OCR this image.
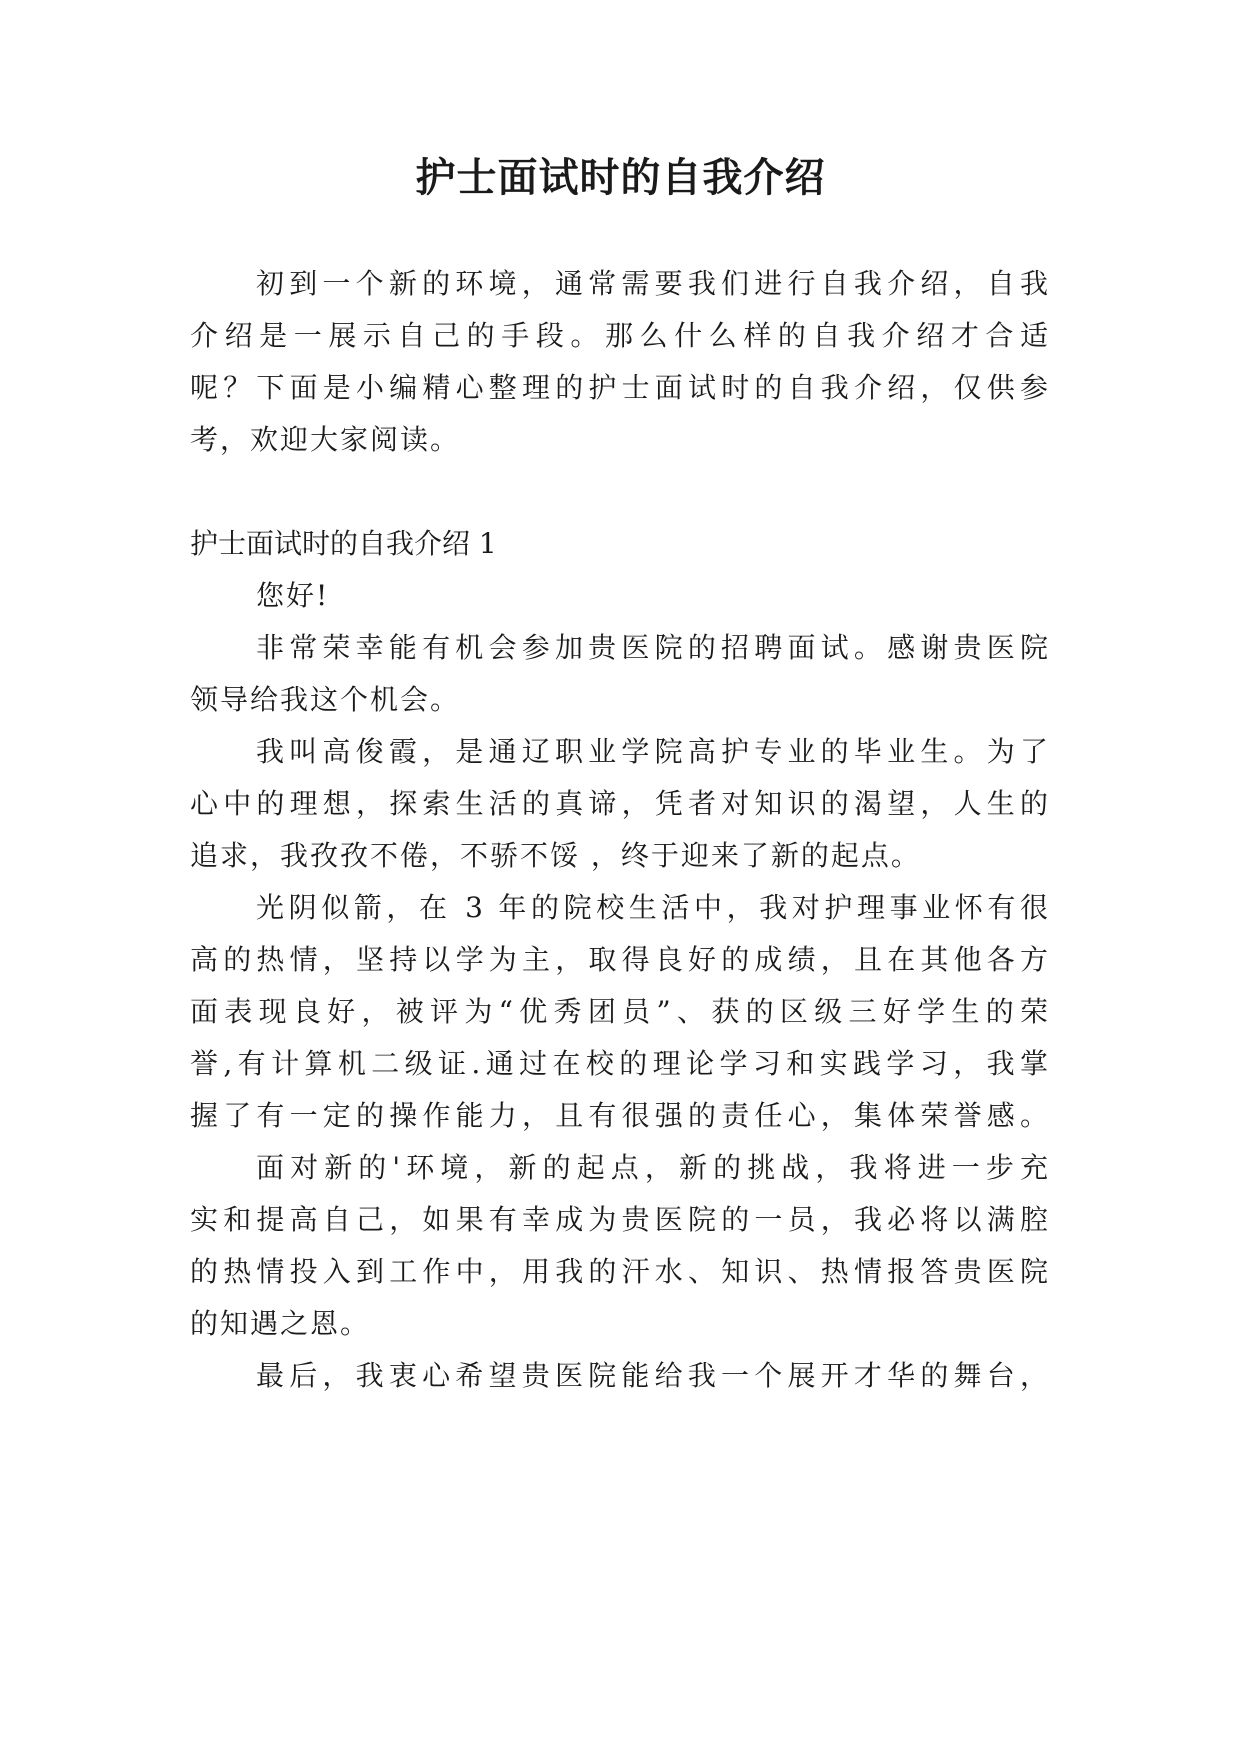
护士面试时的自我介绍

初到一个新的环境，通常需要我们进行自我介绍，自我

介绍是一展示自己的手段。那么什么样的自我介绍才合适

呢？下面是小编精心整理的护士面试时的自我介绍，仅供参

考，欢迎大家阅读。

护士面试时的自我介绍 1

您好!

非常荣幸能有机会参加贵医院的招聘面试。感谢贵医院

领导给我这个机会。

我叫高俊霞，是通辽职业学院高护专业的毕业生。为了

心中的理想，探索生活的真谛，凭者对知识的渴望，人生的

追求，我孜孜不倦，不骄不馁 ，终于迎来了新的起点。

光阴似箭，在 3 年的院校生活中，我对护理事业怀有很

高的热情，坚持以学为主，取得良好的成绩，且在其他各方

面表现良好，被评为“优秀团员”、获的区级三好学生的荣

誉,有计算机二级证.通过在校的理论学习和实践学习，我掌

握了有一定的操作能力，且有很强的责任心，集体荣誉感。

面对新的'环境，新的起点，新的挑战，我将进一步充

实和提高自己，如果有幸成为贵医院的一员，我必将以满腔

的热情投入到工作中，用我的汗水、知识、热情报答贵医院

的知遇之恩。

最后，我衷心希望贵医院能给我一个展开才华的舞台，
